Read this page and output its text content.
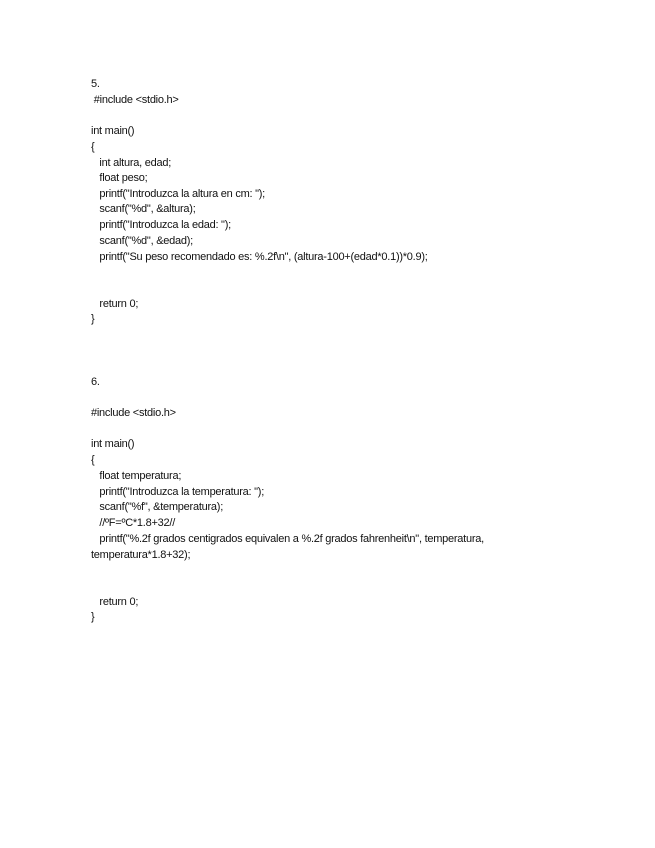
5.

#include <stdio.h>

int main()

{

int altura, edad;

float peso;

printf("Introduzca la altura en cm: ");

scanf("%d", &altura);

printf("Introduzca la edad: ");

scanf("%d", &edad);

printf("Su peso recomendado es: %.2f\n", (altura-100+(edad*0.1))*0.9);

return 0;

}

6.

#include <stdio.h>

int main()

{

float temperatura;

printf("Introduzca la temperatura: ");

scanf("%f", &temperatura);

//ºF=ºC*1.8+32//

printf("%.2f grados centigrados equivalen a %.2f grados fahrenheit\n", temperatura,

temperatura*1.8+32);

return 0;

}
